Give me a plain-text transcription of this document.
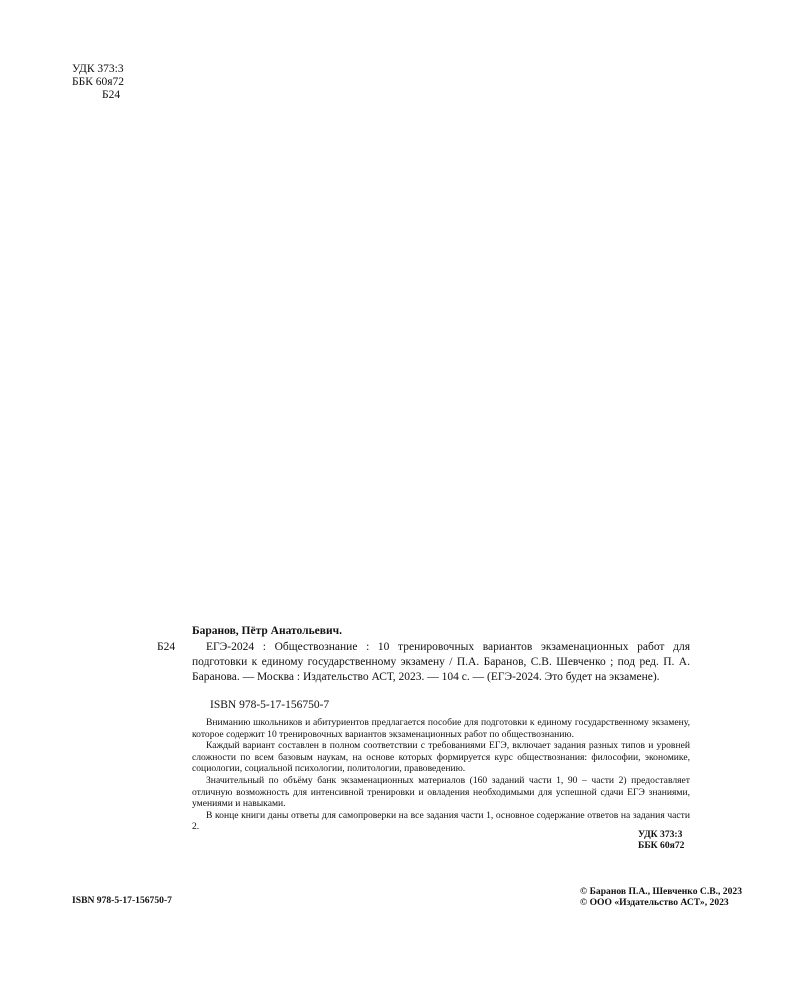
УДК 373:3
ББК 60я72
Б24
Баранов, Пётр Анатольевич.
Б24	ЕГЭ-2024 : Обществознание : 10 тренировочных вариантов экзаменационных работ для подготовки к единому государственному экзамену / П.А. Баранов, С.В. Шевченко ; под ред. П. А. Баранова. — Москва : Издательство АСТ, 2023. — 104 с. — (ЕГЭ-2024. Это будет на экзамене).

ISBN 978-5-17-156750-7

Вниманию школьников и абитуриентов предлагается пособие для подготовки к единому государственному экзамену, которое содержит 10 тренировочных вариантов экзаменационных работ по обществознанию.

Каждый вариант составлен в полном соответствии с требованиями ЕГЭ, включает задания разных типов и уровней сложности по всем базовым наукам, на основе которых формируется курс обществознания: философии, экономике, социологии, социальной психологии, политологии, правоведению.

Значительный по объёму банк экзаменационных материалов (160 заданий части 1, 90 – части 2) предоставляет отличную возможность для интенсивной тренировки и овладения необходимыми для успешной сдачи ЕГЭ знаниями, умениями и навыками.

В конце книги даны ответы для самопроверки на все задания части 1, основное содержание ответов на задания части 2.

УДК 373:3
ББК 60я72
ISBN 978-5-17-156750-7
© Баранов П.А., Шевченко С.В., 2023
© ООО «Издательство АСТ», 2023
